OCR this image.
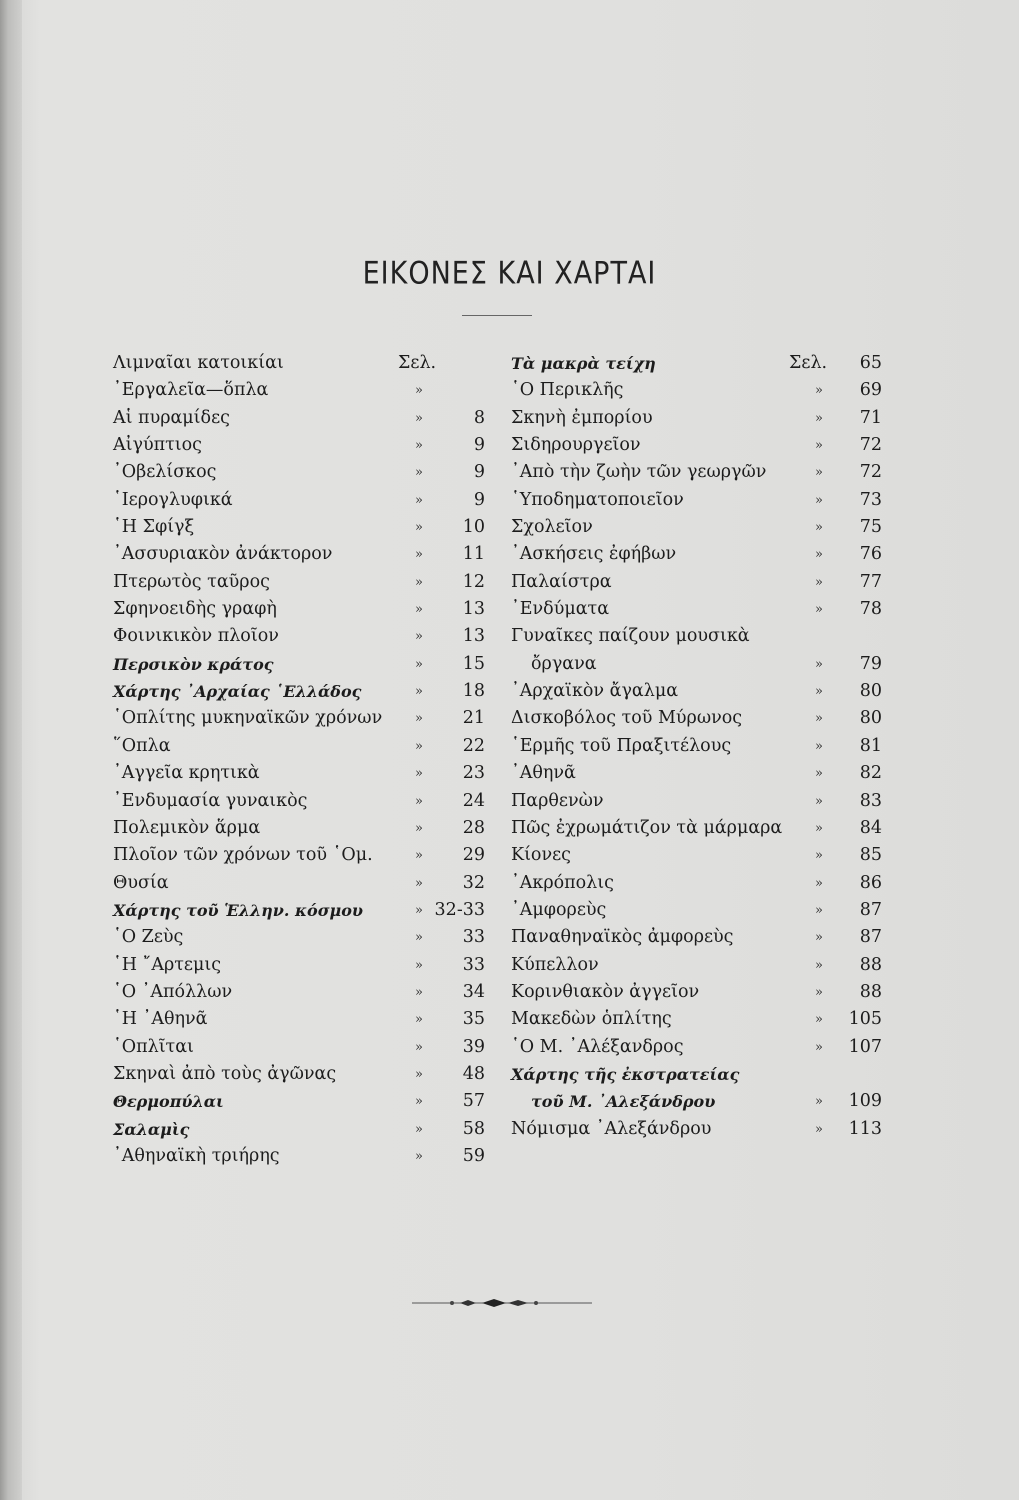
ΕΙΚΟΝΕΣ ΚΑΙ ΧΑΡΤΑΙ
Λιμναῖαι κατοικίαι	Σελ.
᾿Εργαλεῖα—ὅπλα	»
Αἱ πυραμίδες	»	8
Αἰγύπτιος	»	9
᾿Οβελίσκος	»	9
῾Ιερογλυφικά	»	9
῾Η Σφίγξ	»	10
᾿Ασσυριακὸν ἀνάκτορον	»	11
Πτερωτὸς ταῦρος	»	12
Σφηνοειδὴς γραφὴ	»	13
Φοινικικὸν πλοῖον	»	13
Περσικὸν κράτος	»	15
Χάρτης ᾿Αρχαίας ῾Ελλάδος	»	18
῾Οπλίτης μυκηναϊκῶν χρόνων	»	21
῞Οπλα	»	22
᾿Αγγεῖα κρητικὰ	»	23
᾿Ενδυμασία γυναικὸς	»	24
Πολεμικὸν ἅρμα	»	28
Πλοῖον τῶν χρόνων τοῦ ῾Ομ.	»	29
Θυσία	»	32
Χάρτης τοῦ Ἑλλην. κόσμου	» 32-33
῾Ο Ζεὺς	»	33
῾Η ῎Αρτεμις	»	33
῾Ο ᾿Απόλλων	»	34
῾Η ᾿Αθηνᾶ	»	35
῾Οπλῖται	»	39
Σκηναὶ ἀπὸ τοὺς ἀγῶνας	»	48
Θερμοπύλαι	»	57
Σαλαμὶς	»	58
᾿Αθηναϊκὴ τριήρης	»	59
Τὰ μακρὰ τείχη	Σελ.	65
῾Ο Περικλῆς	»	69
Σκηνὴ ἐμπορίου	»	71
Σιδηρουργεῖον	»	72
᾿Απὸ τὴν ζωὴν τῶν γεωργῶν	»	72
῾Υποδηματοποιεῖον	»	73
Σχολεῖον	»	75
᾿Ασκήσεις ἐφήβων	»	76
Παλαίστρα	»	77
᾿Ενδύματα	»	78
Γυναῖκες παίζουν μουσικὰ
ὄργανα	»	79
᾿Αρχαϊκὸν ἄγαλμα	»	80
Δισκοβόλος τοῦ Μύρωνος	»	80
῾Ερμῆς τοῦ Πραξιτέλους	»	81
᾿Αθηνᾶ	»	82
Παρθενὼν	»	83
Πῶς ἐχρωμάτιζον τὰ μάρμαρα	»	84
Κίονες	»	85
᾿Ακρόπολις	»	86
᾿Αμφορεὺς	»	87
Παναθηναϊκὸς ἀμφορεὺς	»	87
Κύπελλον	»	88
Κορινθιακὸν ἀγγεῖον	»	88
Μακεδὼν ὁπλίτης	»	105
῾Ο Μ. ᾿Αλέξανδρος	»	107
Χάρτης τῆς ἐκστρατείας
τοῦ Μ. ᾿Αλεξάνδρου	»	109
Νόμισμα ᾿Αλεξάνδρου	»	113
